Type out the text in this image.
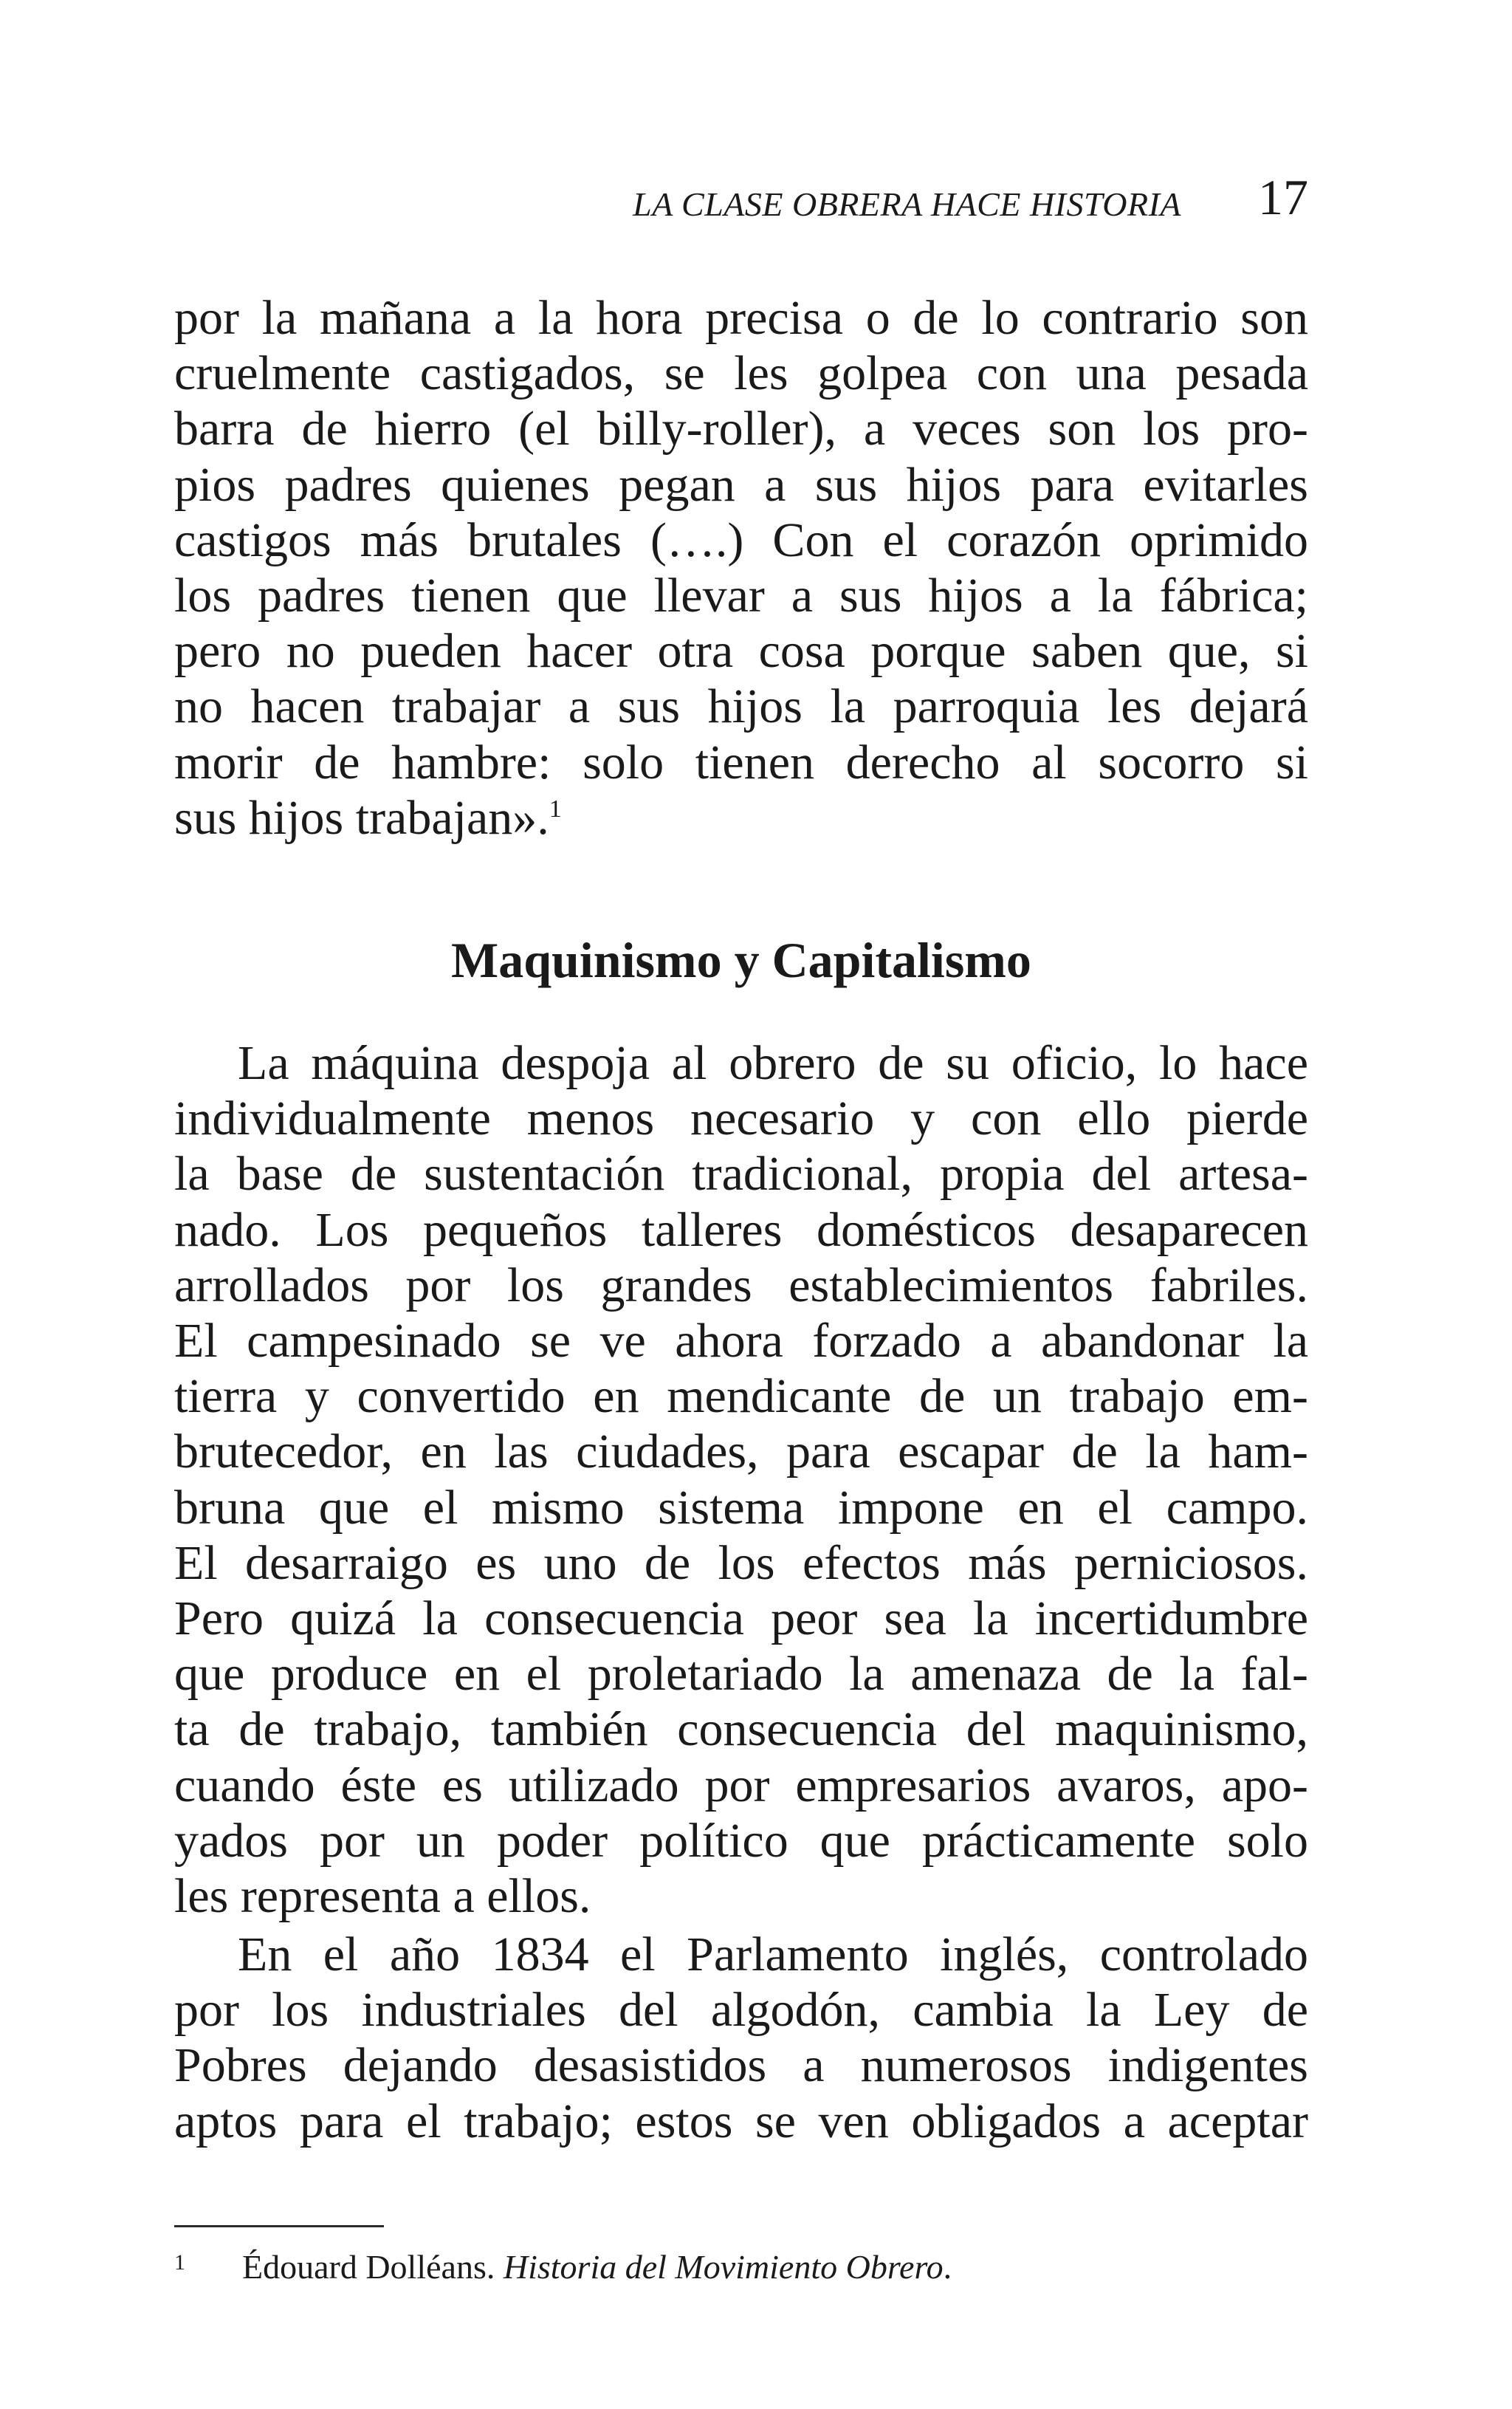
LA CLASE OBRERA HACE HISTORIA 17
por la mañana a la hora precisa o de lo contrario son
cruelmente castigados, se les golpea con una pesada
barra de hierro (el billy-roller), a veces son los pro-
pios padres quienes pegan a sus hijos para evitarles
castigos más brutales (….) Con el corazón oprimido
los padres tienen que llevar a sus hijos a la fábrica;
pero no pueden hacer otra cosa porque saben que, si
no hacen trabajar a sus hijos la parroquia les dejará
morir de hambre: solo tienen derecho al socorro si
sus hijos trabajan».$^1$
Maquinismo y Capitalismo
La máquina despoja al obrero de su oficio, lo hace
individualmente menos necesario y con ello pierde
la base de sustentación tradicional, propia del artesa-
nado. Los pequeños talleres domésticos desaparecen
arrollados por los grandes establecimientos fabriles.
El campesinado se ve ahora forzado a abandonar la
tierra y convertido en mendicante de un trabajo em-
brutecedor, en las ciudades, para escapar de la ham-
bruna que el mismo sistema impone en el campo.
El desarraigo es uno de los efectos más perniciosos.
Pero quizá la consecuencia peor sea la incertidumbre
que produce en el proletariado la amenaza de la fal-
ta de trabajo, también consecuencia del maquinismo,
cuando éste es utilizado por empresarios avaros, apo-
yados por un poder político que prácticamente solo
les representa a ellos.
En el año 1834 el Parlamento inglés, controlado
por los industriales del algodón, cambia la Ley de
Pobres dejando desasistidos a numerosos indigentes
aptos para el trabajo; estos se ven obligados a aceptar
1 Édouard Dolléans. Historia del Movimiento Obrero.
